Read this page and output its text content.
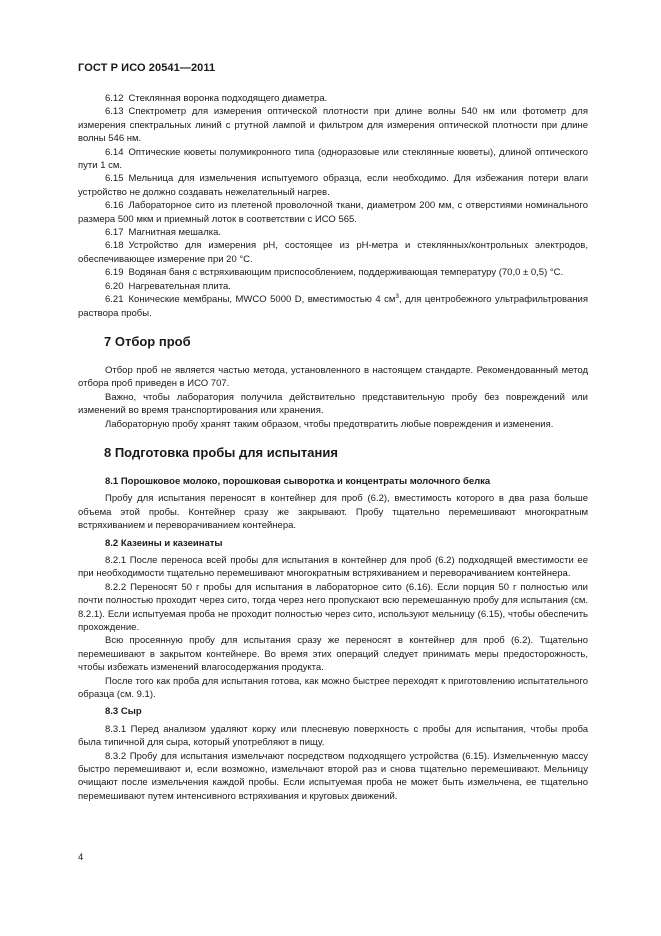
ГОСТ Р ИСО 20541—2011

6.12 Стеклянная воронка подходящего диаметра.

6.13 Спектрометр для измерения оптической плотности при длине волны 540 нм или фотометр для измерения спектральных линий с ртутной лампой и фильтром для измерения оптической плотности при длине волны 546 нм.

6.14 Оптические кюветы полумикронного типа (одноразовые или стеклянные кюветы), длиной оптического пути 1 см.

6.15 Мельница для измельчения испытуемого образца, если необходимо. Для избежания потери влаги устройство не должно создавать нежелательный нагрев.

6.16 Лабораторное сито из плетеной проволочной ткани, диаметром 200 мм, с отверстиями номинального размера 500 мкм и приемный лоток в соответствии с ИСО 565.

6.17 Магнитная мешалка.

6.18 Устройство для измерения pH, состоящее из pH-метра и стеклянных/контрольных электродов, обеспечивающее измерение при 20 °С.

6.19 Водяная баня с встряхивающим приспособлением, поддерживающая температуру (70,0 ± 0,5) °С.

6.20 Нагревательная плита.

6.21 Конические мембраны, MWCO 5000 D, вместимостью 4 $см^3$, для центробежного ультрафильтрования раствора пробы.

7 Отбор проб

Отбор проб не является частью метода, установленного в настоящем стандарте. Рекомендованный метод отбора проб приведен в ИСО 707.

Важно, чтобы лаборатория получила действительно представительную пробу без повреждений или изменений во время транспортирования или хранения.

Лабораторную пробу хранят таким образом, чтобы предотвратить любые повреждения и изменения.

8 Подготовка пробы для испытания
8.1 Порошковое молоко, порошковая сыворотка и концентраты молочного белка

Пробу для испытания переносят в контейнер для проб (6.2), вместимость которого в два раза больше объема этой пробы. Контейнер сразу же закрывают. Пробу тщательно перемешивают многократным встряхиванием и переворачиванием контейнера.

8.2 Казеины и казеинаты

8.2.1 После переноса всей пробы для испытания в контейнер для проб (6.2) подходящей вместимости ее при необходимости тщательно перемешивают многократным встряхиванием и переворачиванием контейнера.

8.2.2 Переносят 50 г пробы для испытания в лабораторное сито (6.16). Если порция 50 г полностью или почти полностью проходит через сито, тогда через него пропускают всю перемешанную пробу для испытания (см. 8.2.1). Если испытуемая проба не проходит полностью через сито, используют мельницу (6.15), чтобы обеспечить прохождение.

Всю просеянную пробу для испытания сразу же переносят в контейнер для проб (6.2). Тщательно перемешивают в закрытом контейнере. Во время этих операций следует принимать меры предосторожность, чтобы избежать изменений влагосодержания продукта.

После того как проба для испытания готова, как можно быстрее переходят к приготовлению испытательного образца (см. 9.1).

8.3 Сыр

8.3.1 Перед анализом удаляют корку или плесневую поверхность с пробы для испытания, чтобы проба была типичной для сыра, который употребляют в пищу.

8.3.2 Пробу для испытания измельчают посредством подходящего устройства (6.15). Измельченную массу быстро перемешивают и, если возможно, измельчают второй раз и снова тщательно перемешивают. Мельницу очищают после измельчения каждой пробы. Если испытуемая проба не может быть измельчена, ее тщательно перемешивают путем интенсивного встряхивания и круговых движений.

4
